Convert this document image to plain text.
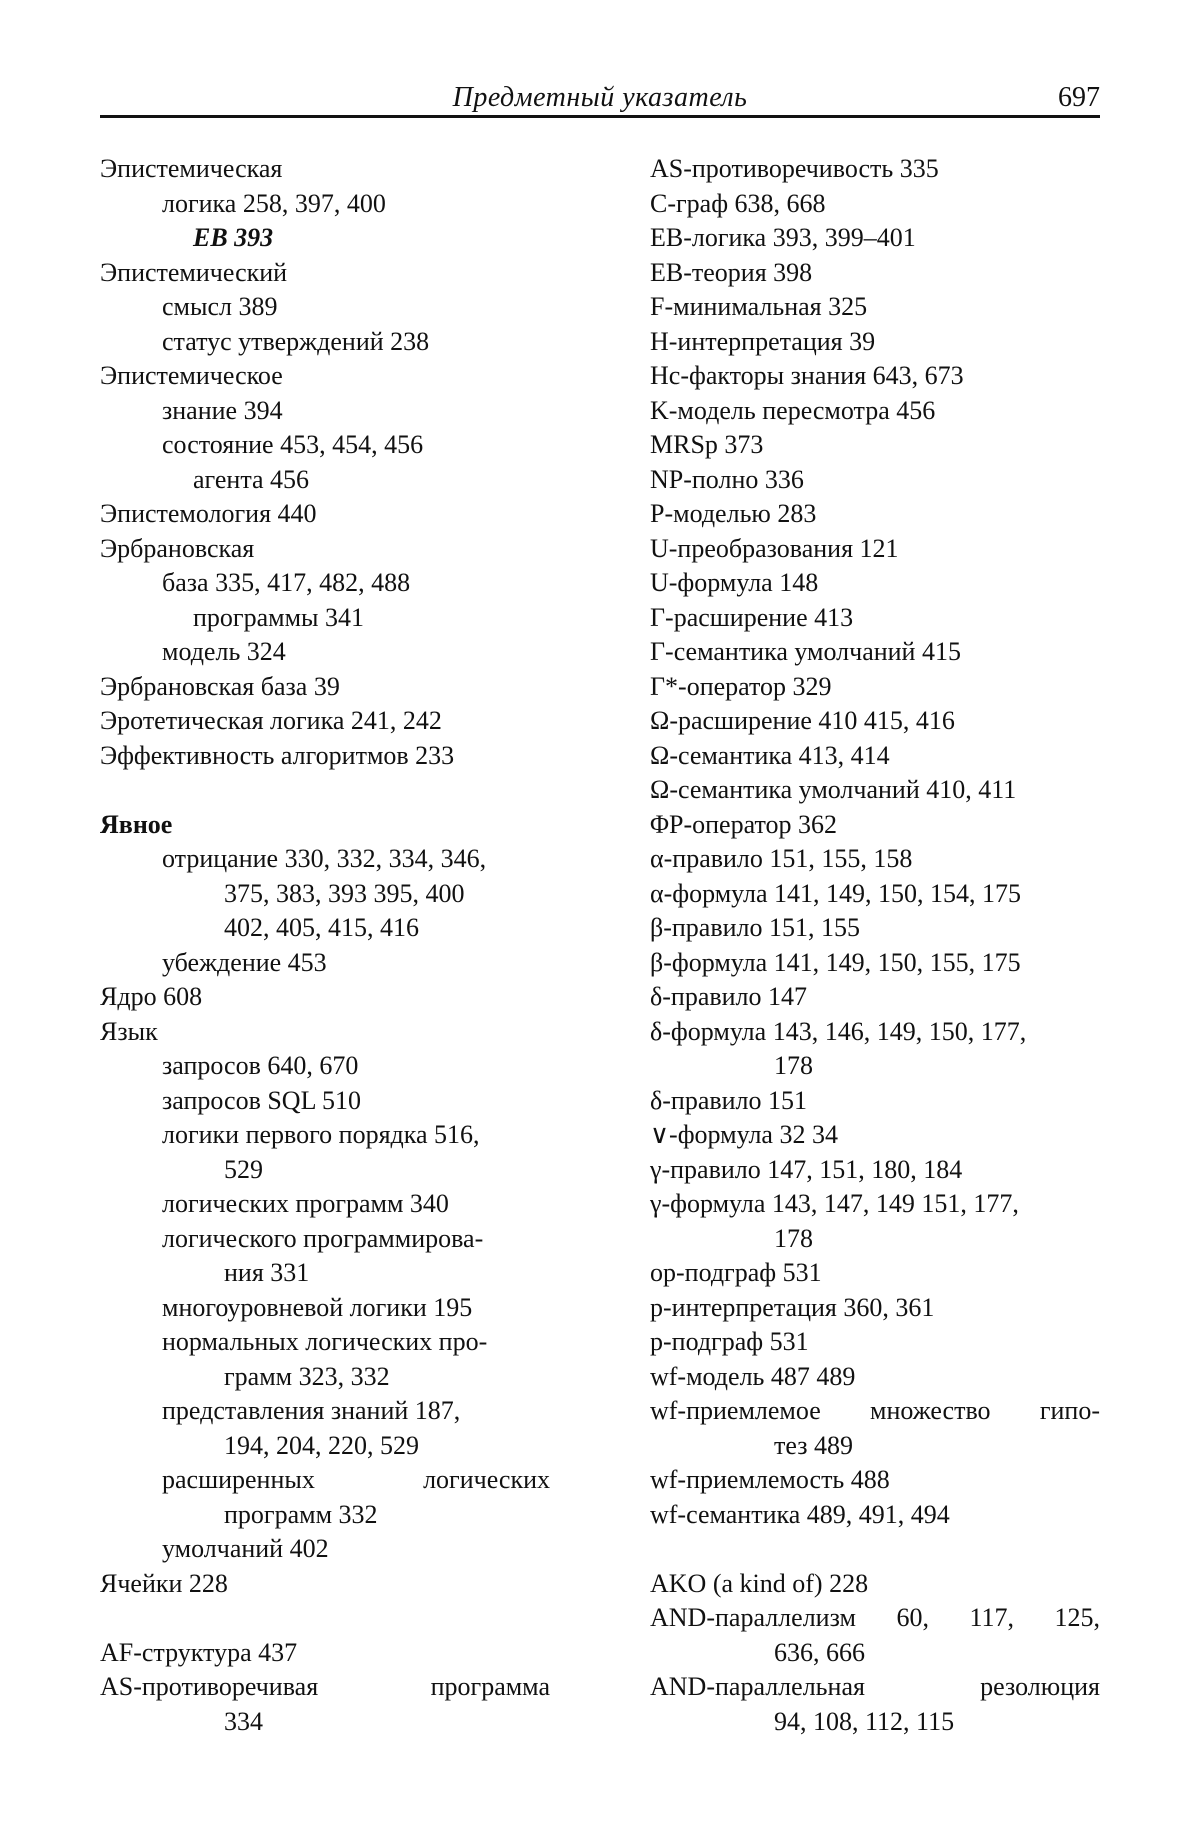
Предметный указатель	697
Эпистемическая
логика 258, 397, 400
EB 393
Эпистемический
смысл 389
статус утверждений 238
Эпистемическое
знание 394
состояние 453, 454, 456
агента 456
Эпистемология 440
Эрбрановская
база 335, 417, 482, 488
программы 341
модель 324
Эрбрановская база 39
Эротетическая логика 241, 242
Эффективность алгоритмов 233
Явное
отрицание 330, 332, 334, 346,
375, 383, 393 395, 400
402, 405, 415, 416
убеждение 453
Ядро 608
Язык
запросов 640, 670
запросов SQL 510
логики первого порядка 516,
529
логических программ 340
логического программирова-
ния 331
многоуровневой логики 195
нормальных логических про-
грамм 323, 332
представления знаний 187,
194, 204, 220, 529
расширенных логических
программ 332
умолчаний 402
Ячейки 228
AF-структура 437
AS-противоречивая программа
334
AS-противоречивость 335
C-граф 638, 668
EB-логика 393, 399–401
EB-теория 398
F-минимальная 325
H-интерпретация 39
Hc-факторы знания 643, 673
K-модель пересмотра 456
MRSp 373
NP-полно 336
P-моделью 283
U-преобразования 121
U-формула 148
Γ-расширение 413
Γ-семантика умолчаний 415
Γ*-оператор 329
Ω-расширение 410 415, 416
Ω-семантика 413, 414
Ω-семантика умолчаний 410, 411
ΦP-оператор 362
α-правило 151, 155, 158
α-формула 141, 149, 150, 154, 175
β-правило 151, 155
β-формула 141, 149, 150, 155, 175
δ-правило 147
δ-формула 143, 146, 149, 150, 177,
178
δ-правило 151
∨-формула 32 34
γ-правило 147, 151, 180, 184
γ-формула 143, 147, 149 151, 177,
178
op-подграф 531
p-интерпретация 360, 361
p-подграф 531
wf-модель 487 489
wf-приемлемое множество гипо-
тез 489
wf-приемлемость 488
wf-семантика 489, 491, 494
AKO (a kind of) 228
AND-параллелизм 60, 117, 125,
636, 666
AND-параллельная резолюция
94, 108, 112, 115
